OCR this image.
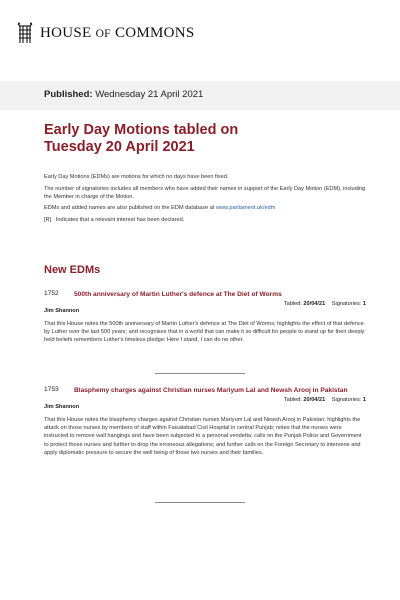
HOUSE OF COMMONS
Published: Wednesday 21 April 2021
Early Day Motions tabled on
Tuesday 20 April 2021

Early Day Motions (EDMs) are motions for which no days have been fixed.

The number of signatories includes all members who have added their names in support of the Early Day Motion (EDM), including the Member in charge of the Motion.

EDMs and added names are also published on the EDM database at www.parliament.uk/edm

[R]   Indicates that a relevant interest has been declared.

New EDMs
1752	500th anniversary of Martin Luther's defence at The Diet of Worms
Tabled: 20/04/21 Signatories: 1
Jim Shannon
That this House notes the 500th anniversary of Martin Luther's defence at The Diet of Worms; highlights the effect of that defence by Luther over the last 500 years; and recognises that in a world that can make it so difficult for people to stand up for their deeply held beliefs remembers Luther's timeless pledge: Here I stand, I can do no other.
1753	Blasphemy charges against Christian nurses Mariyum Lal and Newsh Arooj in Pakistan
Tabled: 20/04/21 Signatories: 1
Jim Shannon
That this House notes the blasphemy charges against Christian nurses Mariyum Lal and Newsh Arooj in Pakistan; highlights the attack on those nurses by members of staff within Faisalabad Civil Hospital in central Punjab; notes that the nurses were instructed to remove wall hangings and have been subjected to a personal vendetta; calls on the Punjab Police and Government to protect those nurses and further to drop the erroneous allegations; and further calls on the Foreign Secretary to intervene and apply diplomatic pressure to secure the well being of those two nurses and their families.
